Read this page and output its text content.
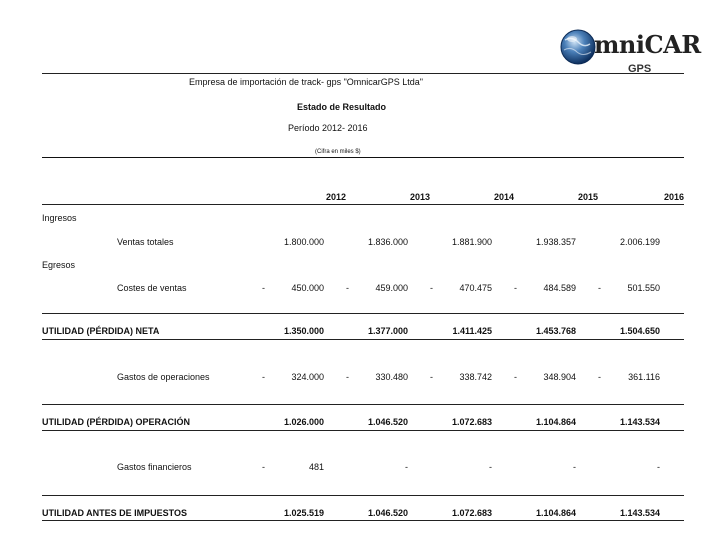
mniCAR
GPS
Empresa de importación de track- gps "OmnicarGPS Ltda"
Estado de Resultado
Período 2012- 2016
(Cifra en miles $)
2012	2013	2014	2015	2016
Ingresos
Ventas totales	1.800.000	1.836.000	1.881.900	1.938.357	2.006.199
Egresos
Costes de ventas	-	450.000 -	459.000 -	470.475 -	484.589 -	501.550
UTILIDAD (PÉRDIDA) NETA	1.350.000	1.377.000	1.411.425	1.453.768	1.504.650
Gastos de operaciones	-	324.000 -	330.480 -	338.742 -	348.904 -	361.116
UTILIDAD (PÉRDIDA) OPERACIÓN	1.026.000	1.046.520	1.072.683	1.104.864	1.143.534
Gastos financieros	-	481	-	-	-	-
UTILIDAD ANTES DE IMPUESTOS	1.025.519	1.046.520	1.072.683	1.104.864	1.143.534
